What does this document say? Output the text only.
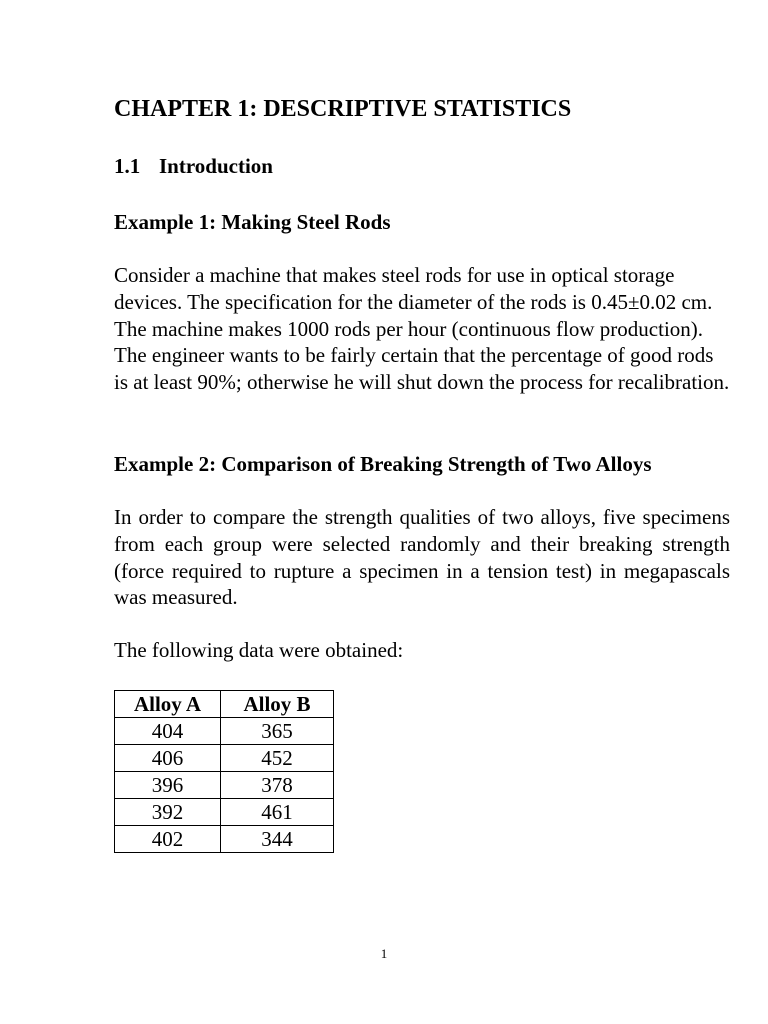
CHAPTER 1: DESCRIPTIVE STATISTICS
1.1 Introduction
Example 1: Making Steel Rods

Consider a machine that makes steel rods for use in optical storage devices. The specification for the diameter of the rods is 0.45±0.02 cm. The machine makes 1000 rods per hour (continuous flow production). The engineer wants to be fairly certain that the percentage of good rods is at least 90%; otherwise he will shut down the process for recalibration.

Example 2: Comparison of Breaking Strength of Two Alloys

In order to compare the strength qualities of two alloys, five specimens from each group were selected randomly and their breaking strength (force required to rupture a specimen in a tension test) in megapascals was measured.

The following data were obtained:

Alloy A	Alloy B
404	365
406	452
396	378
392	461
402	344
1
